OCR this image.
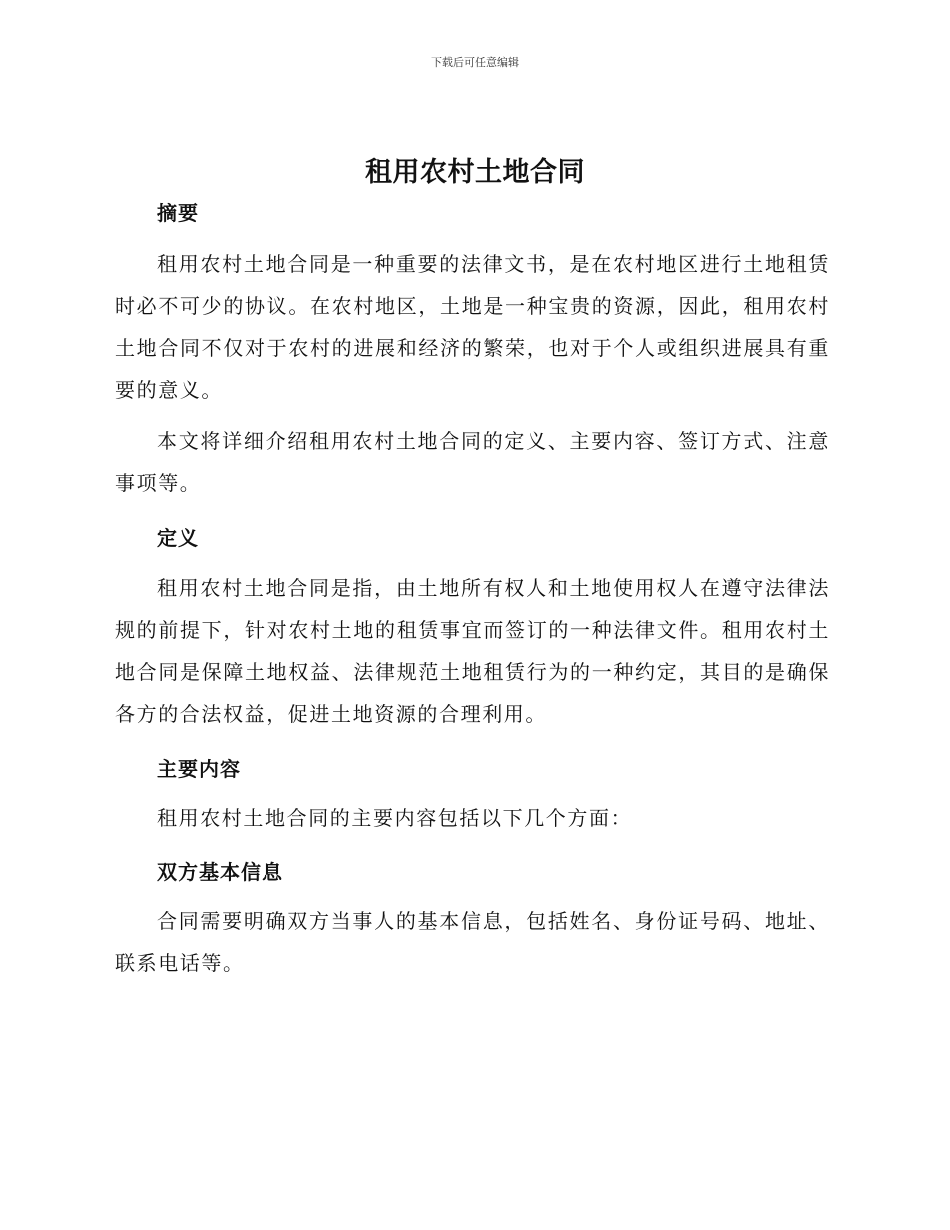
下载后可任意编辑
租用农村土地合同
摘要

租用农村土地合同是一种重要的法律文书，是在农村地区进行土地租赁时必不可少的协议。在农村地区，土地是一种宝贵的资源，因此，租用农村土地合同不仅对于农村的进展和经济的繁荣，也对于个人或组织进展具有重要的意义。

本文将详细介绍租用农村土地合同的定义、主要内容、签订方式、注意事项等。

定义

租用农村土地合同是指，由土地所有权人和土地使用权人在遵守法律法规的前提下，针对农村土地的租赁事宜而签订的一种法律文件。租用农村土地合同是保障土地权益、法律规范土地租赁行为的一种约定，其目的是确保各方的合法权益，促进土地资源的合理利用。

主要内容

租用农村土地合同的主要内容包括以下几个方面：

双方基本信息

合同需要明确双方当事人的基本信息，包括姓名、身份证号码、地址、联系电话等。
